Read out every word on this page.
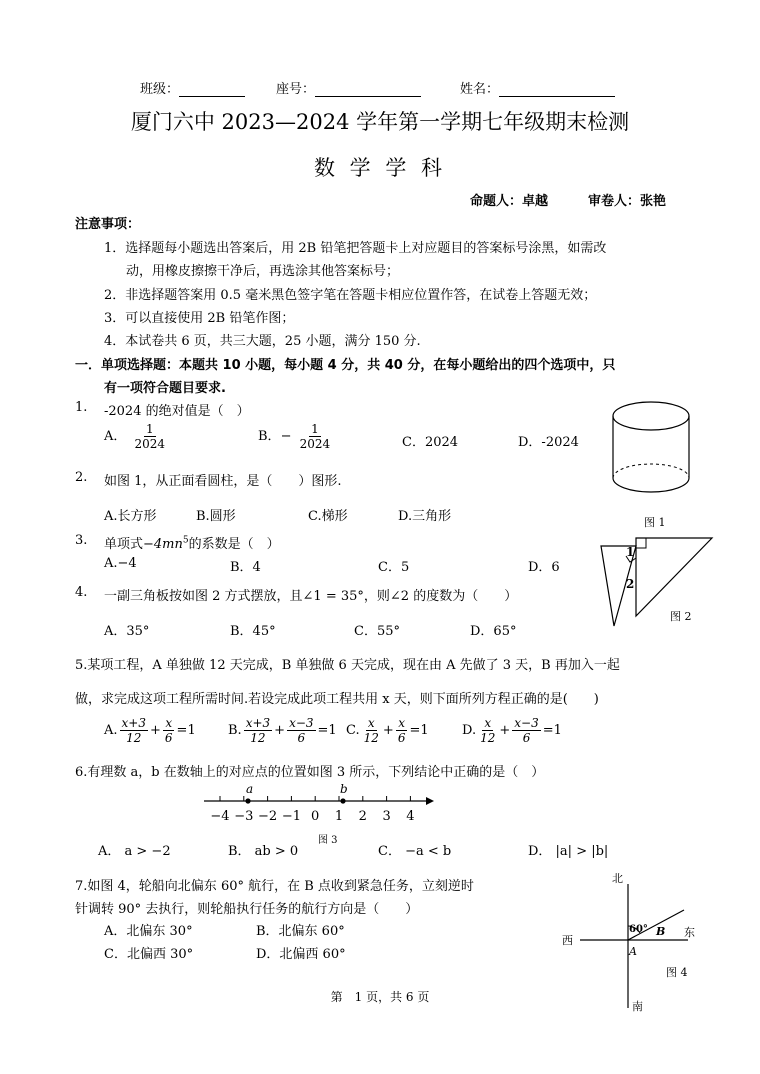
班级：	座号：	姓名：
厦门六中 2023—2024 学年第一学期七年级期末检测
数 学 学 科
命题人：卓越	审卷人：张艳
注意事项：
1．选择题每小题选出答案后，用 2B 铅笔把答题卡上对应题目的答案标号涂黑，如需改
动，用橡皮擦擦干净后，再选涂其他答案标号；
2．非选择题答案用 0.5 毫米黑色签字笔在答题卡相应位置作答，在试卷上答题无效；
3．可以直接使用 2B 铅笔作图；
4．本试卷共 6 页，共三大题，25 小题，满分 150 分.
一．单项选择题：本题共 10 小题，每小题 4 分，共 40 分，在每小题给出的四个选项中，只
有一项符合题目要求.
1. -2024 的绝对值是（　）
A． $\frac{1}{2024}$	B．− $\frac{1}{2024}$	C．2024	D．-2024
图 1
2. 如图 1，从正面看圆柱，是（　　）图形.
A.长方形	B.圆形	C.梯形	D.三角形
3. 单项式$-4mn^5$的系数是（　）
A.−4	B．4	C．5	D．6
1
2
图 2
4. 一副三角板按如图 2 方式摆放，且∠1 = 35°，则∠2 的度数为（　　）
A．35°	B．45°	C．55°	D．65°
5.某项工程，A 单独做 12 天完成，B 单独做 6 天完成，现在由 A 先做了 3 天，B 再加入一起
做，求完成这项工程所需时间.若设完成此项工程共用 x 天，则下面所列方程正确的是(　　)
A. $\frac{x+3}{12} + \frac{x}{6} =1$ B. $\frac{x+3}{12} + \frac{x-3}{6} =1$ C. $\frac{x}{12} + \frac{x}{6} =1$	D. $\frac{x}{12} + \frac{x-3}{6} =1$
6.有理数 a，b 在数轴上的对应点的位置如图 3 所示，下列结论中正确的是（　）
−4 −3 −2 −1 0 1 2 3 4
a	b
图 3
A． a > −2	B． ab > 0	C． −a < b	D． |a| > |b|
7.如图 4，轮船向北偏东 60° 航行，在 B 点收到紧急任务，立刻逆时
针调转 90° 去执行，则轮船执行任务的航行方向是（　　）
A．北偏东 30°	B．北偏东 60°
C．北偏西 30°	D．北偏西 60°
北
南
西
东
60°
A
B
图 4
第　1 页，共 6 页
